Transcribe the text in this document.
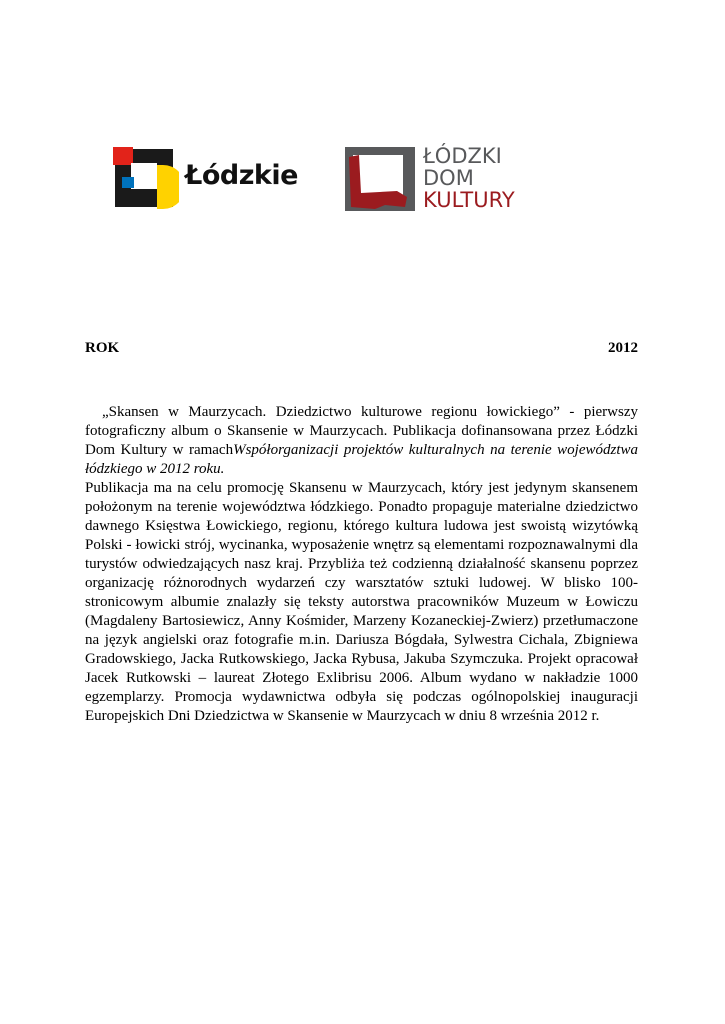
Łódzkie
ŁÓDZKI
DOM
KULTURY
ROK	2012

„Skansen w Maurzycach. Dziedzictwo kulturowe regionu łowickiego” - pierwszy fotograficzny album o Skansenie w Maurzycach. Publikacja dofinansowana przez Łódzki Dom Kultury w ramachWspółorganizacji projektów kulturalnych na terenie województwa łódzkiego w 2012 roku.

Publikacja ma na celu promocję Skansenu w Maurzycach, który jest jedynym skansenem położonym na terenie województwa łódzkiego. Ponadto propaguje materialne dziedzictwo dawnego Księstwa Łowickiego, regionu, którego kultura ludowa jest swoistą wizytówką Polski - łowicki strój, wycinanka, wyposażenie wnętrz są elementami rozpoznawalnymi dla turystów odwiedzających nasz kraj. Przybliża też codzienną działalność skansenu poprzez organizację różnorodnych wydarzeń czy warsztatów sztuki ludowej. W blisko 100-stronicowym albumie znalazły się teksty autorstwa pracowników Muzeum w Łowiczu (Magdaleny Bartosiewicz, Anny Kośmider, Marzeny Kozaneckiej-Zwierz) przetłumaczone na język angielski oraz fotografie m.in. Dariusza Bógdała, Sylwestra Cichala, Zbigniewa Gradowskiego, Jacka Rutkowskiego, Jacka Rybusa, Jakuba Szymczuka. Projekt opracował Jacek Rutkowski – laureat Złotego Exlibrisu 2006. Album wydano w nakładzie 1000 egzemplarzy. Promocja wydawnictwa odbyła się podczas ogólnopolskiej inauguracji Europejskich Dni Dziedzictwa w Skansenie w Maurzycach w dniu 8 września 2012 r.
